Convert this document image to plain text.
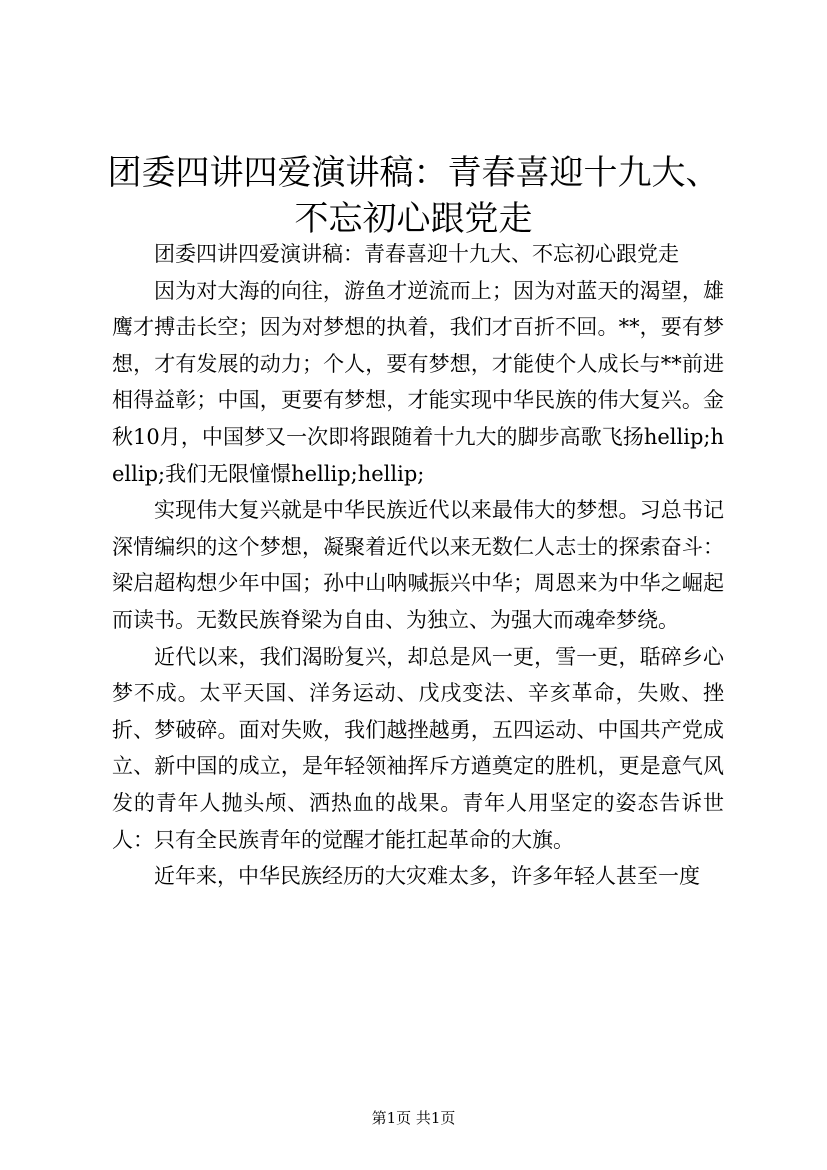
团委四讲四爱演讲稿：青春喜迎十九大、不忘初心跟党走

团委四讲四爱演讲稿：青春喜迎十九大、不忘初心跟党走

因为对大海的向往，游鱼才逆流而上；因为对蓝天的渴望，雄鹰才搏击长空；因为对梦想的执着，我们才百折不回。**，要有梦想，才有发展的动力；个人，要有梦想，才能使个人成长与**前进相得益彰；中国，更要有梦想，才能实现中华民族的伟大复兴。金秋10月，中国梦又一次即将跟随着十九大的脚步高歌飞扬hellip;hellip;我们无限憧憬hellip;hellip;

实现伟大复兴就是中华民族近代以来最伟大的梦想。习总书记深情编织的这个梦想，凝聚着近代以来无数仁人志士的探索奋斗：梁启超构想少年中国；孙中山呐喊振兴中华；周恩来为中华之崛起而读书。无数民族脊梁为自由、为独立、为强大而魂牵梦绕。

近代以来，我们渴盼复兴，却总是风一更，雪一更，聒碎乡心梦不成。太平天国、洋务运动、戊戌变法、辛亥革命，失败、挫折、梦破碎。面对失败，我们越挫越勇，五四运动、中国共产党成立、新中国的成立，是年轻领袖挥斥方遒奠定的胜机，更是意气风发的青年人抛头颅、洒热血的战果。青年人用坚定的姿态告诉世人：只有全民族青年的觉醒才能扛起革命的大旗。

近年来，中华民族经历的大灾难太多，许多年轻人甚至一度

第1页 共1页
